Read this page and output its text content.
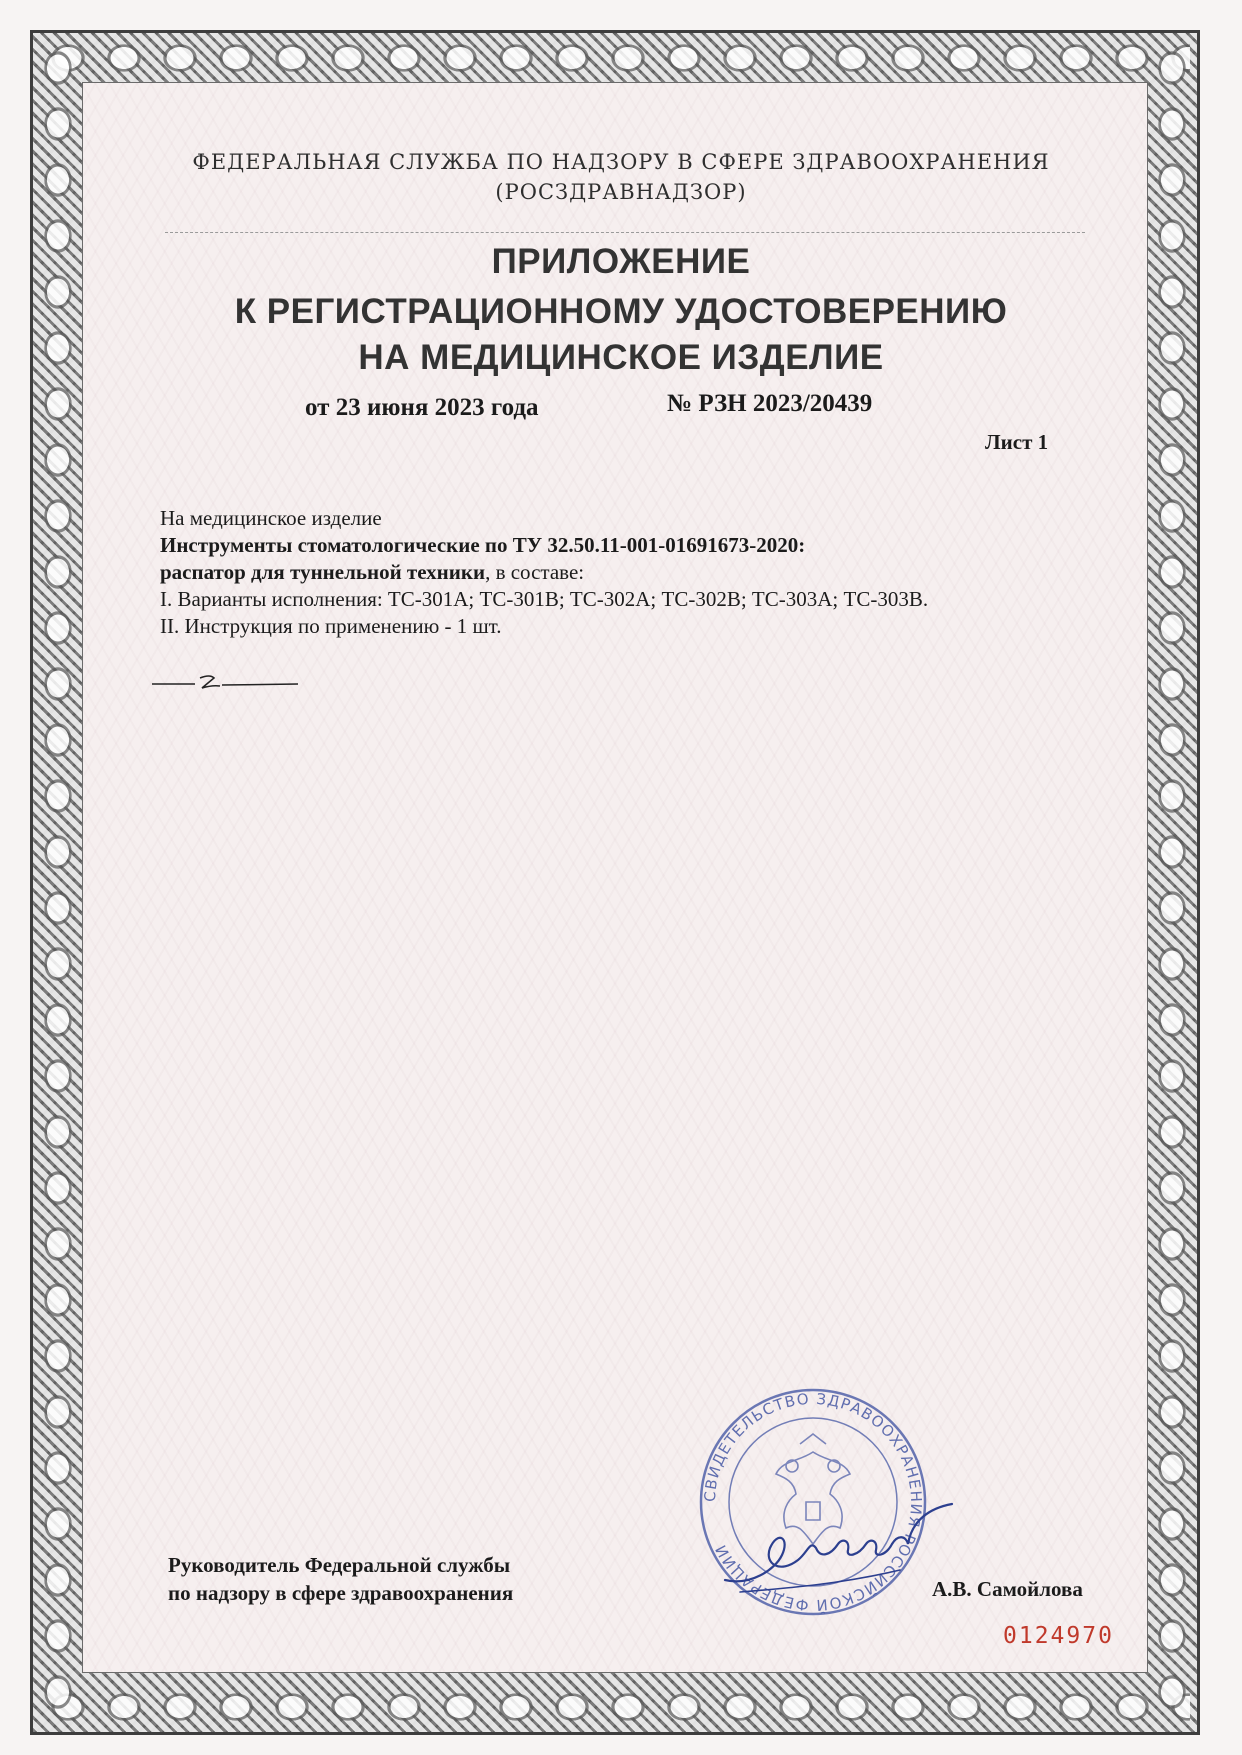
ФЕДЕРАЛЬНАЯ СЛУЖБА ПО НАДЗОРУ В СФЕРЕ ЗДРАВООХРАНЕНИЯ
(РОСЗДРАВНАДЗОР)
ПРИЛОЖЕНИЕ
К РЕГИСТРАЦИОННОМУ УДОСТОВЕРЕНИЮ
НА МЕДИЦИНСКОЕ ИЗДЕЛИЕ
от 23 июня 2023 года	№ РЗН 2023/20439
Лист 1
На медицинское изделие
Инструменты стоматологические по ТУ 32.50.11-001-01691673-2020:
распатор для туннельной техники, в составе:
I. Варианты исполнения: ТС-301А; ТС-301В; ТС-302А; ТС-302В; ТС-303А; ТС-303В.
II. Инструкция по применению - 1 шт.
СВИДЕТЕЛЬСТВО ЗДРАВООХРАНЕНИЯ РОССИЙСКОЙ ФЕДЕРАЦИИ
Руководитель Федеральной службы
по надзору в сфере здравоохранения	А.В. Самойлова
0124970
